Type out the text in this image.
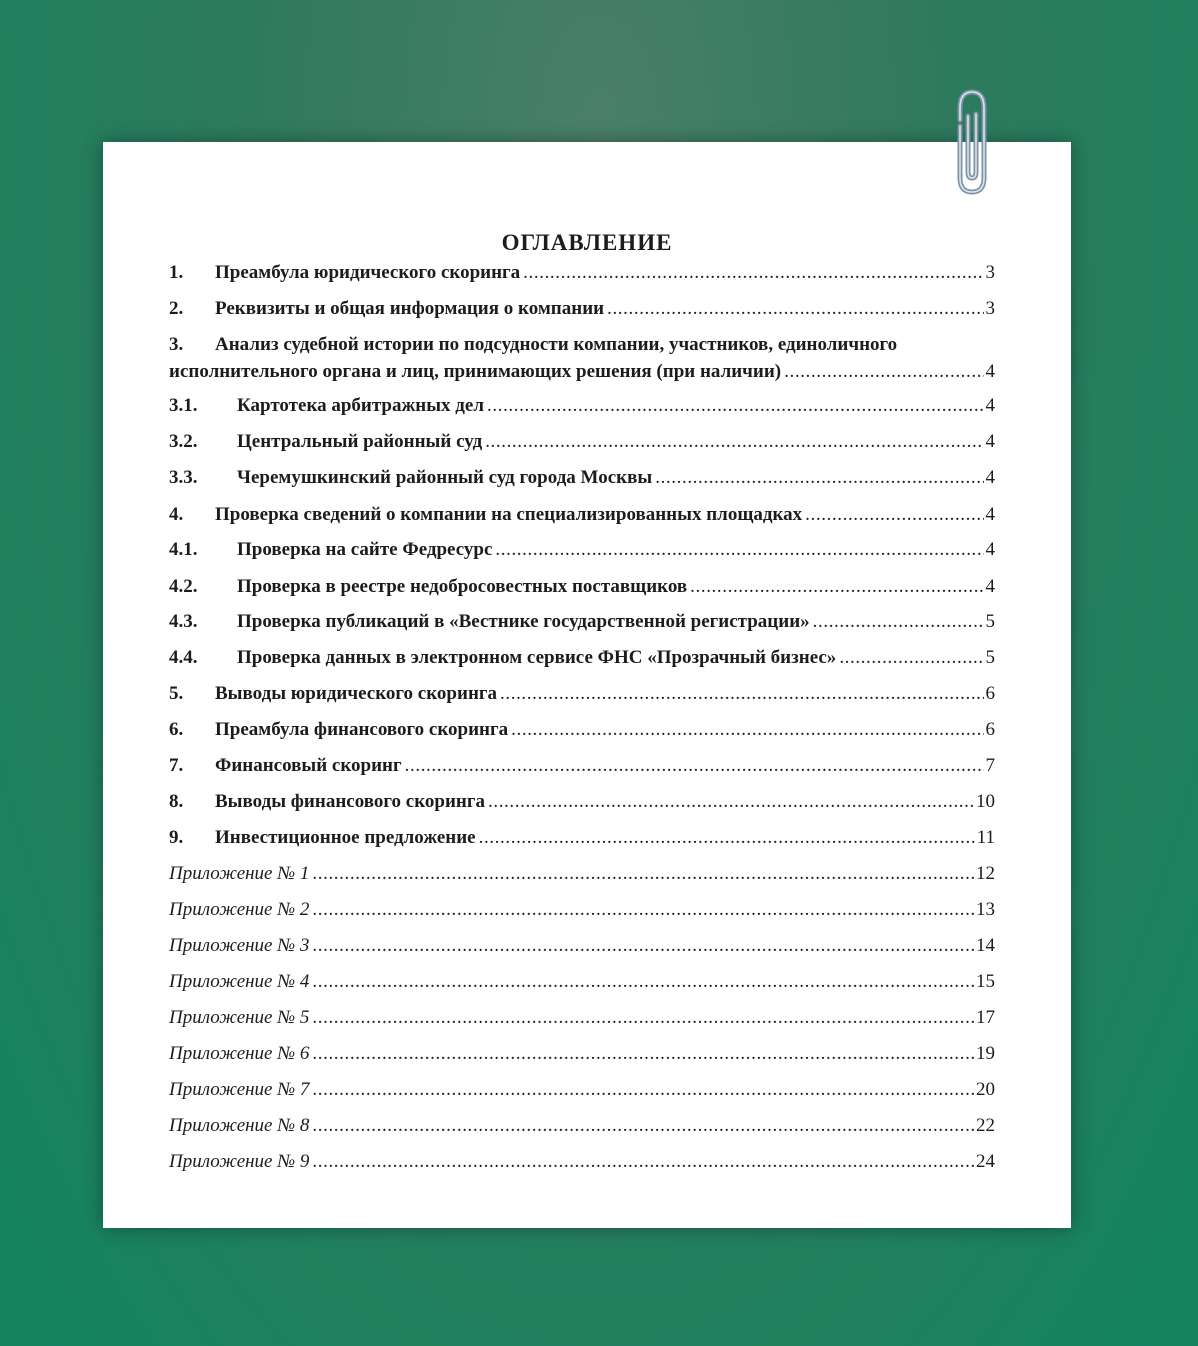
ОГЛАВЛЕНИЕ
1.	Преамбула юридического скоринга .....	3
2.	Реквизиты и общая информация о компании .....	3
3. Анализ судебной истории по подсудности компании, участников, единоличного
исполнительного органа и лиц, принимающих решения (при наличии) .....	4
3.1.	Картотека арбитражных дел .....	4
3.2.	Центральный районный суд .....	4
3.3.	Черемушкинский районный суд города Москвы .....	4
4.	Проверка сведений о компании на специализированных площадках .....	4
4.1.	Проверка на сайте Федресурс .....	4
4.2.	Проверка в реестре недобросовестных поставщиков .....	4
4.3.	Проверка публикаций в «Вестнике государственной регистрации» .....	5
4.4.	Проверка данных в электронном сервисе ФНС «Прозрачный бизнес» .....	5
5.	Выводы юридического скоринга .....	6
6.	Преамбула финансового скоринга .....	6
7.	Финансовый скоринг .....	7
8.	Выводы финансового скоринга .....	10
9.	Инвестиционное предложение .....	11
Приложение № 1 .....	12
Приложение № 2 .....	13
Приложение № 3 .....	14
Приложение № 4 .....	15
Приложение № 5 .....	17
Приложение № 6 .....	19
Приложение № 7 .....	20
Приложение № 8 .....	22
Приложение № 9 .....	24
